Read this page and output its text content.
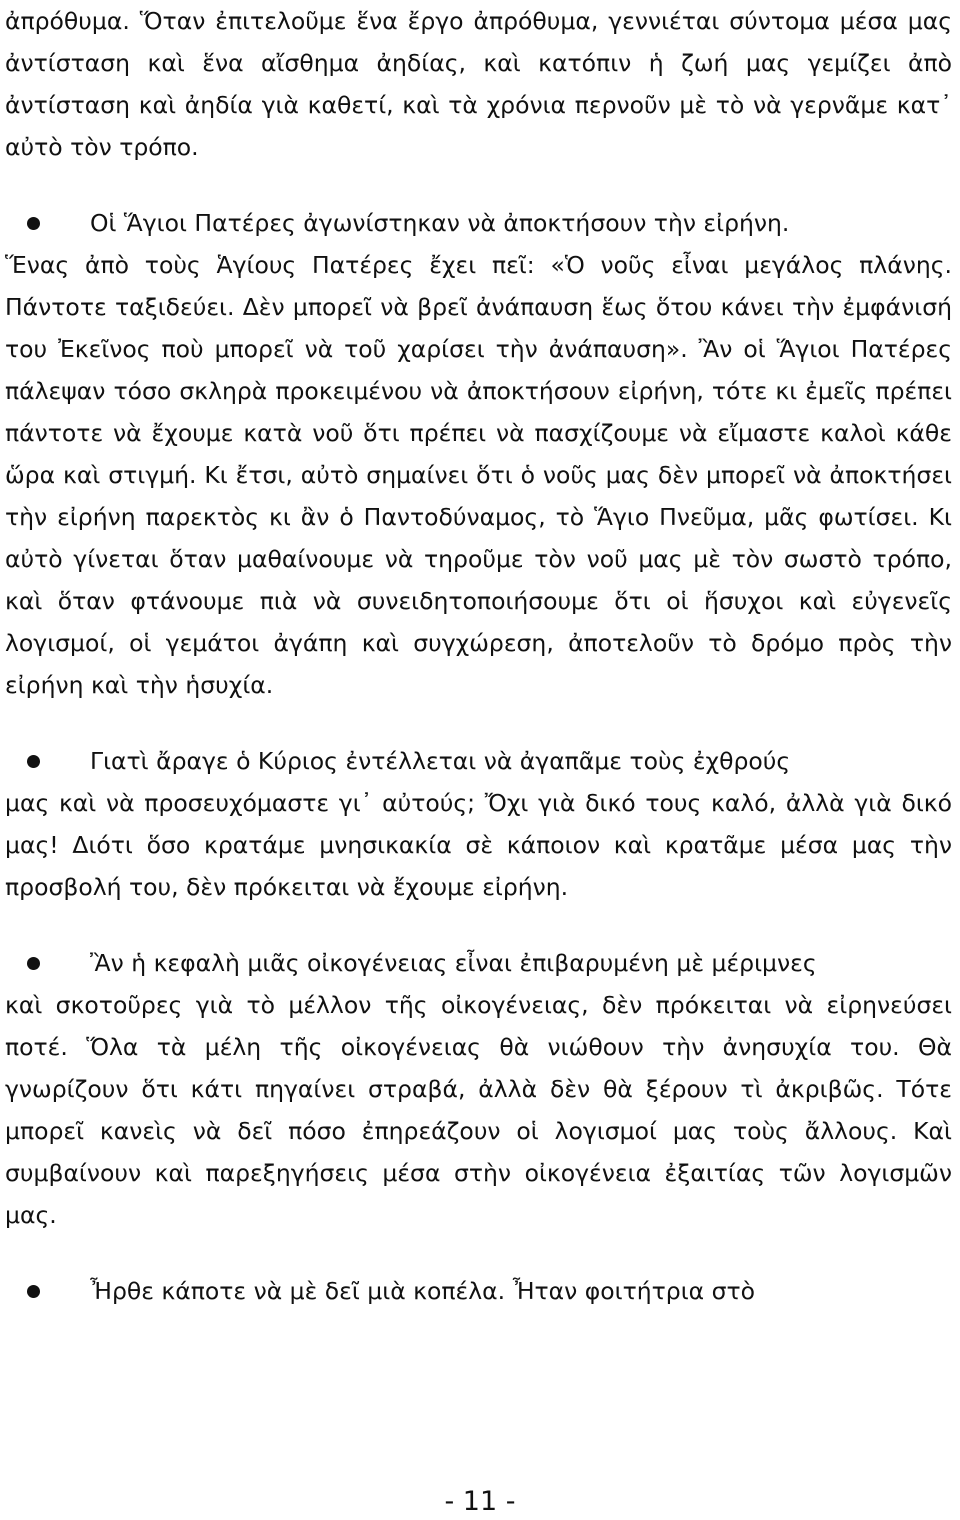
ἀπρόθυμα. Ὅταν ἐπιτελοῦμε ἕνα ἔργο ἀπρόθυμα, γεννιέται σύντομα μέσα μας ἀντίσταση καὶ ἕνα αἴσθημα ἀηδίας, καὶ κατόπιν ἡ ζωή μας γεμίζει ἀπὸ ἀντίσταση καὶ ἀηδία γιὰ καθετί, καὶ τὰ χρόνια περνοῦν μὲ τὸ νὰ γερνᾶμε κατ᾽ αὐτὸ τὸν τρόπο.

Οἱ Ἅγιοι Πατέρες ἀγωνίστηκαν νὰ ἀποκτήσουν τὴν εἰρήνη.
Ἕνας ἀπὸ τοὺς Ἁγίους Πατέρες ἔχει πεῖ: «Ὁ νοῦς εἶναι μεγάλος πλάνης. Πάντοτε ταξιδεύει. Δὲν μπορεῖ νὰ βρεῖ ἀνάπαυση ἕως ὅτου κάνει τὴν ἐμφάνισή του Ἐκεῖνος ποὺ μπορεῖ νὰ τοῦ χαρίσει τὴν ἀνάπαυση». Ἂν οἱ Ἅγιοι Πατέρες πάλεψαν τόσο σκληρὰ προκειμένου νὰ ἀποκτήσουν εἰρήνη, τότε κι ἐμεῖς πρέπει πάντοτε νὰ ἔχουμε κατὰ νοῦ ὅτι πρέπει νὰ πασχίζουμε νὰ εἴμαστε καλοὶ κάθε ὥρα καὶ στιγμή. Κι ἔτσι, αὐτὸ σημαίνει ὅτι ὁ νοῦς μας δὲν μπορεῖ νὰ ἀποκτήσει τὴν εἰρήνη παρεκτὸς κι ἂν ὁ Παντοδύναμος, τὸ Ἅγιο Πνεῦμα, μᾶς φωτίσει. Κι αὐτὸ γίνεται ὅταν μαθαίνουμε νὰ τηροῦμε τὸν νοῦ μας μὲ τὸν σωστὸ τρόπο, καὶ ὅταν φτάνουμε πιὰ νὰ συνειδητοποιήσουμε ὅτι οἱ ἥσυχοι καὶ εὐγενεῖς λογισμοί, οἱ γεμάτοι ἀγάπη καὶ συγχώρεση, ἀποτελοῦν τὸ δρόμο πρὸς τὴν εἰρήνη καὶ τὴν ἡσυχία.
Γιατὶ ἄραγε ὁ Κύριος ἐντέλλεται νὰ ἀγαπᾶμε τοὺς ἐχθρούς
μας καὶ νὰ προσευχόμαστε γι᾽ αὐτούς; Ὄχι γιὰ δικό τους καλό, ἀλλὰ γιὰ δικό μας! Διότι ὅσο κρατάμε μνησικακία σὲ κάποιον καὶ κρατᾶμε μέσα μας τὴν προσβολή του, δὲν πρόκειται νὰ ἔχουμε εἰρήνη.
Ἂν ἡ κεφαλὴ μιᾶς οἰκογένειας εἶναι ἐπιβαρυμένη μὲ μέριμνες
καὶ σκοτοῦρες γιὰ τὸ μέλλον τῆς οἰκογένειας, δὲν πρόκειται νὰ εἰρηνεύσει ποτέ. Ὅλα τὰ μέλη τῆς οἰκογένειας θὰ νιώθουν τὴν ἀνησυχία του. Θὰ γνωρίζουν ὅτι κάτι πηγαίνει στραβά, ἀλλὰ δὲν θὰ ξέρουν τὶ ἀκριβῶς. Τότε μπορεῖ κανεὶς νὰ δεῖ πόσο ἐπηρεάζουν οἱ λογισμοί μας τοὺς ἄλλους. Καὶ συμβαίνουν καὶ παρεξηγήσεις μέσα στὴν οἰκογένεια ἐξαιτίας τῶν λογισμῶν μας.
Ἦρθε κάποτε νὰ μὲ δεῖ μιὰ κοπέλα. Ἦταν φοιτήτρια στὸ
- 11 -
